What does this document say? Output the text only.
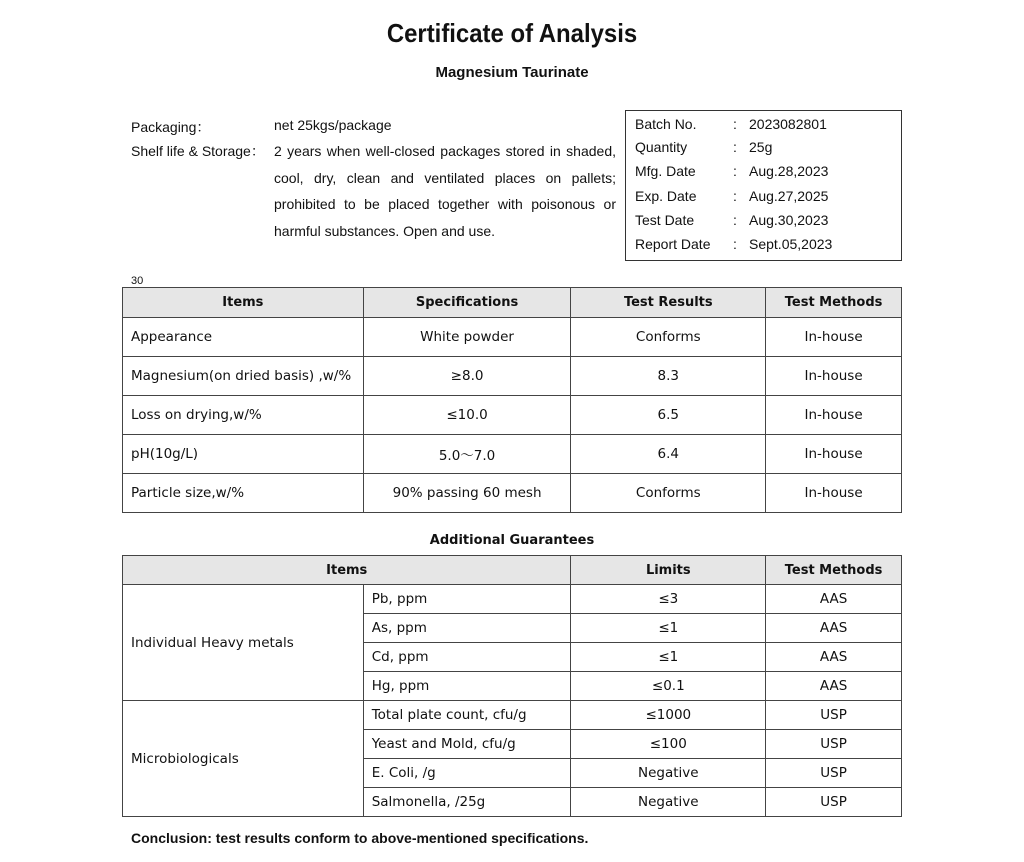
Certificate of Analysis
Magnesium Taurinate
Packaging：	net 25kgs/package
Shelf life & Storage： 2 years when well-closed packages stored in shaded, cool, dry, clean and ventilated places on pallets; prohibited to be placed together with poisonous or harmful substances. Open and use.
Batch No.	: 2023082801
Quantity	: 25g
Mfg. Date	: Aug.28,2023
Exp. Date	: Aug.27,2025
Test Date	: Aug.30,2023
Report Date : Sept.05,2023
30
Items	Specifications	Test Results	Test Methods
Appearance	White powder	Conforms	In-house
Magnesium(on dried basis) ,w/%	≥8.0	8.3	In-house
Loss on drying,w/%	≤10.0	6.5	In-house
pH(10g/L)	5.0～7.0	6.4	In-house
Particle size,w/%	90% passing 60 mesh	Conforms	In-house
Additional Guarantees
Items		Limits	Test Methods
Individual Heavy metals	Pb, ppm	≤3	AAS
	As, ppm	≤1	AAS
	Cd, ppm	≤1	AAS
	Hg, ppm	≤0.1	AAS
Microbiologicals	Total plate count, cfu/g	≤1000	USP
	Yeast and Mold, cfu/g	≤100	USP
	E. Coli, /g	Negative	USP
	Salmonella, /25g	Negative	USP
Conclusion: test results conform to above-mentioned specifications.
